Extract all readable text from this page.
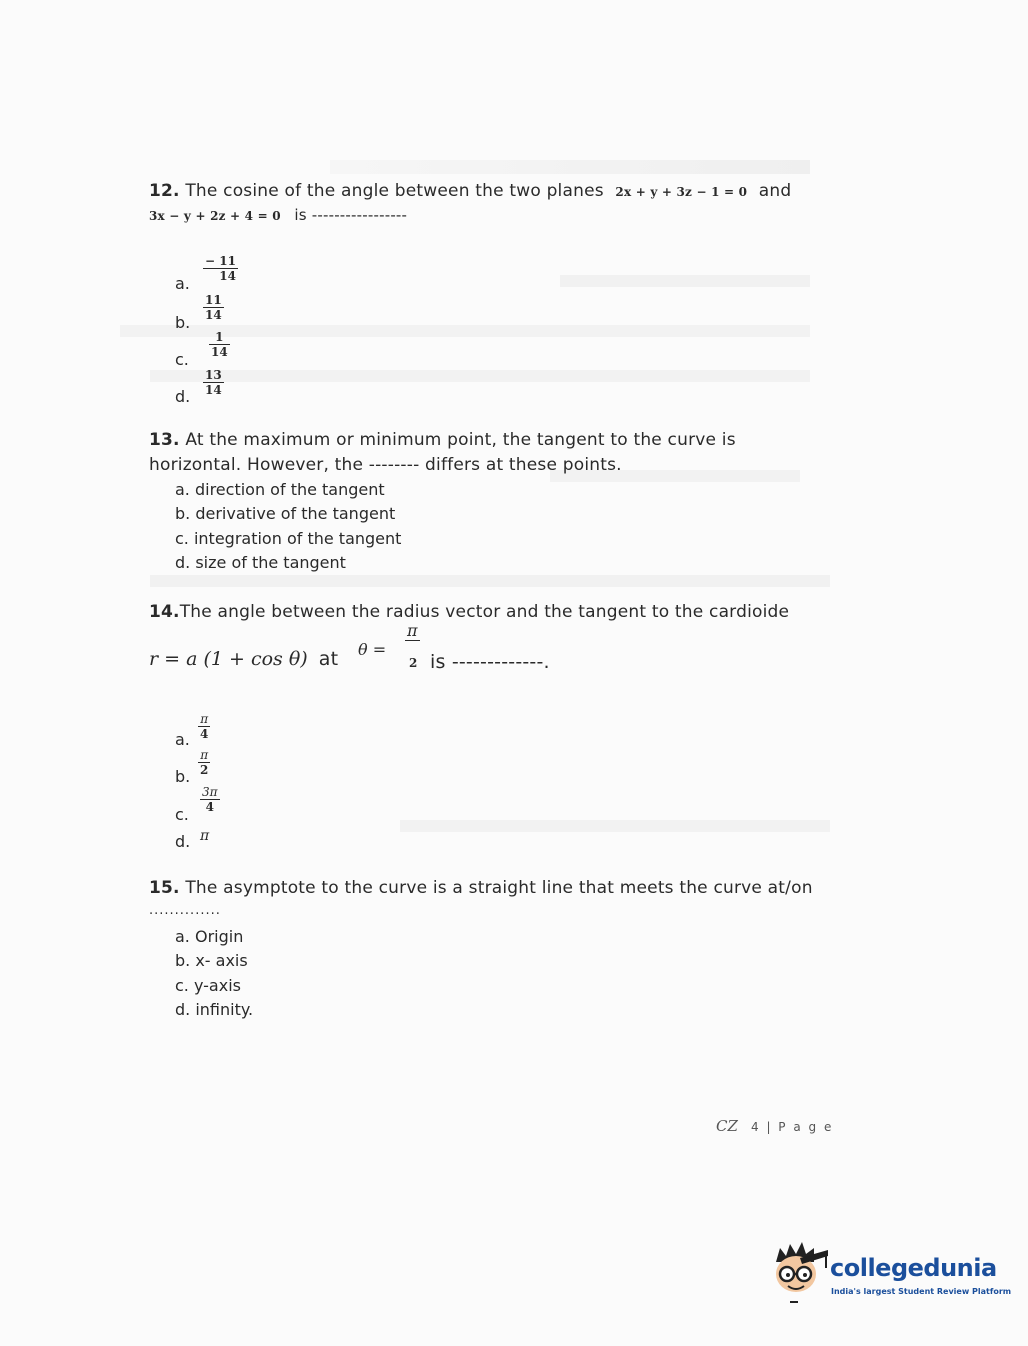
12. The cosine of the angle between the two planes 2x + y + 3z − 1 = 0 and
3x − y + 2z + 4 = 0 is -----------------
a.
$\frac{- 11}{14}$
b.
$\frac{11}{14}$
c.
$\frac{1}{14}$
d. $\frac{13}{14}$
13. At the maximum or minimum point, the tangent to the curve is
horizontal. However, the -------- differs at these points.
a. direction of the tangent
b. derivative of the tangent
c. integration of the tangent
d. size of the tangent
14.The angle between the radius vector and the tangent to the cardioide
r = a (1 + cos θ) at θ =
π
2 is -------------.
a. $\frac{\pi}{4}$
b. $\frac{\pi}{2}$
c.
$\frac{3\pi}{4}$
d. π
15. The asymptote to the curve is a straight line that meets the curve at/on
..............
a. Origin
b. x- axis
c. y-axis
d. infinity.
CZ 4 | P a g e
collegedunia
India's largest Student Review Platform
